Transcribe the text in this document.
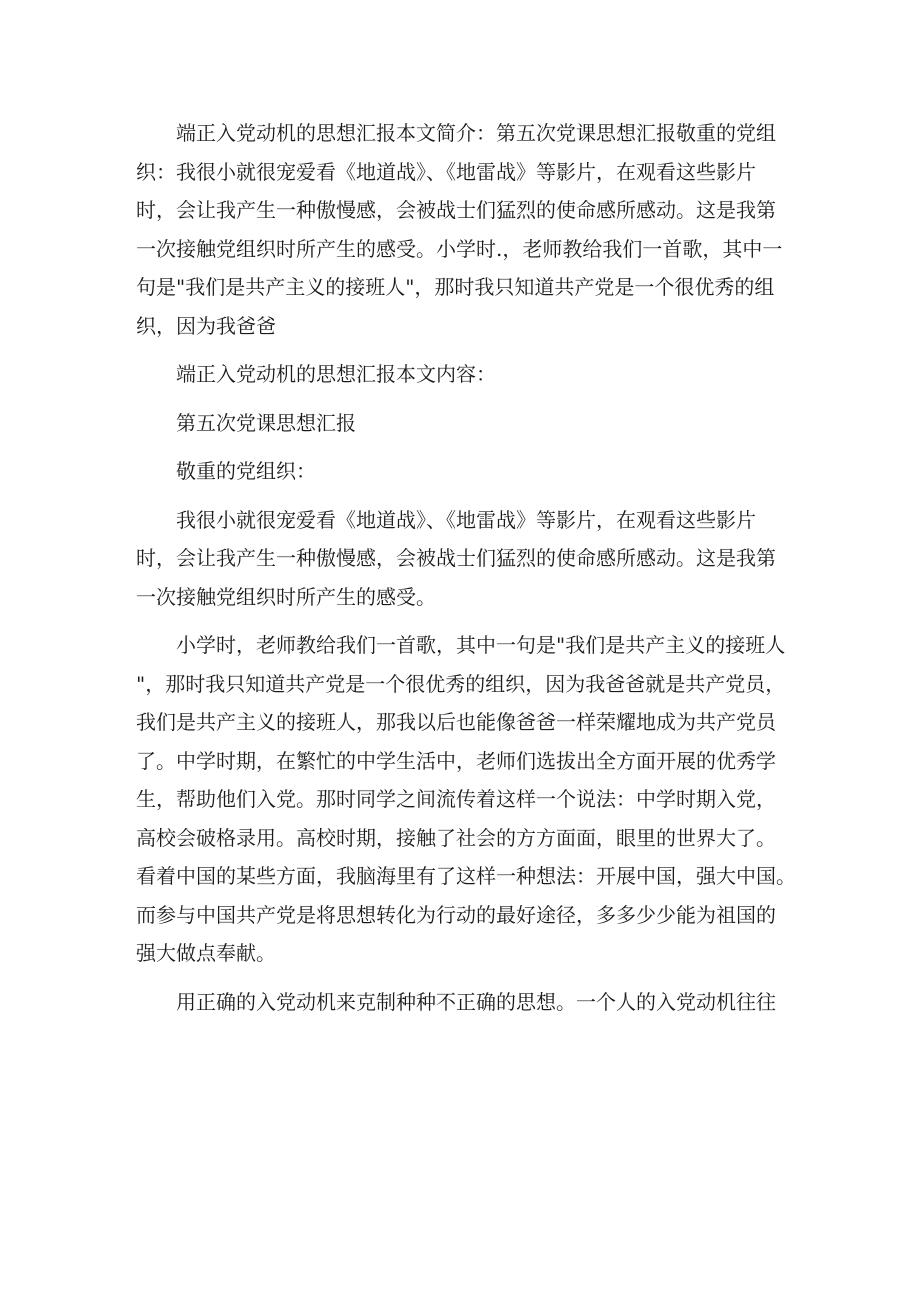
端正入党动机的思想汇报本文简介：第五次党课思想汇报敬重的党组
织：我很小就很宠爱看《地道战》、《地雷战》等影片，在观看这些影片
时，会让我产生一种傲慢感，会被战士们猛烈的使命感所感动。这是我第
一次接触党组织时所产生的感受。小学时.，老师教给我们一首歌，其中一
句是"我们是共产主义的接班人"，那时我只知道共产党是一个很优秀的组
织，因为我爸爸
端正入党动机的思想汇报本文内容：
第五次党课思想汇报
敬重的党组织：
我很小就很宠爱看《地道战》、《地雷战》等影片，在观看这些影片
时，会让我产生一种傲慢感，会被战士们猛烈的使命感所感动。这是我第
一次接触党组织时所产生的感受。
小学时，老师教给我们一首歌，其中一句是"我们是共产主义的接班人
"，那时我只知道共产党是一个很优秀的组织，因为我爸爸就是共产党员，
我们是共产主义的接班人，那我以后也能像爸爸一样荣耀地成为共产党员
了。中学时期，在繁忙的中学生活中，老师们选拔出全方面开展的优秀学
生，帮助他们入党。那时同学之间流传着这样一个说法：中学时期入党，
高校会破格录用。高校时期，接触了社会的方方面面，眼里的世界大了。
看着中国的某些方面，我脑海里有了这样一种想法：开展中国，强大中国。
而参与中国共产党是将思想转化为行动的最好途径，多多少少能为祖国的
强大做点奉献。
用正确的入党动机来克制种种不正确的思想。一个人的入党动机往往
